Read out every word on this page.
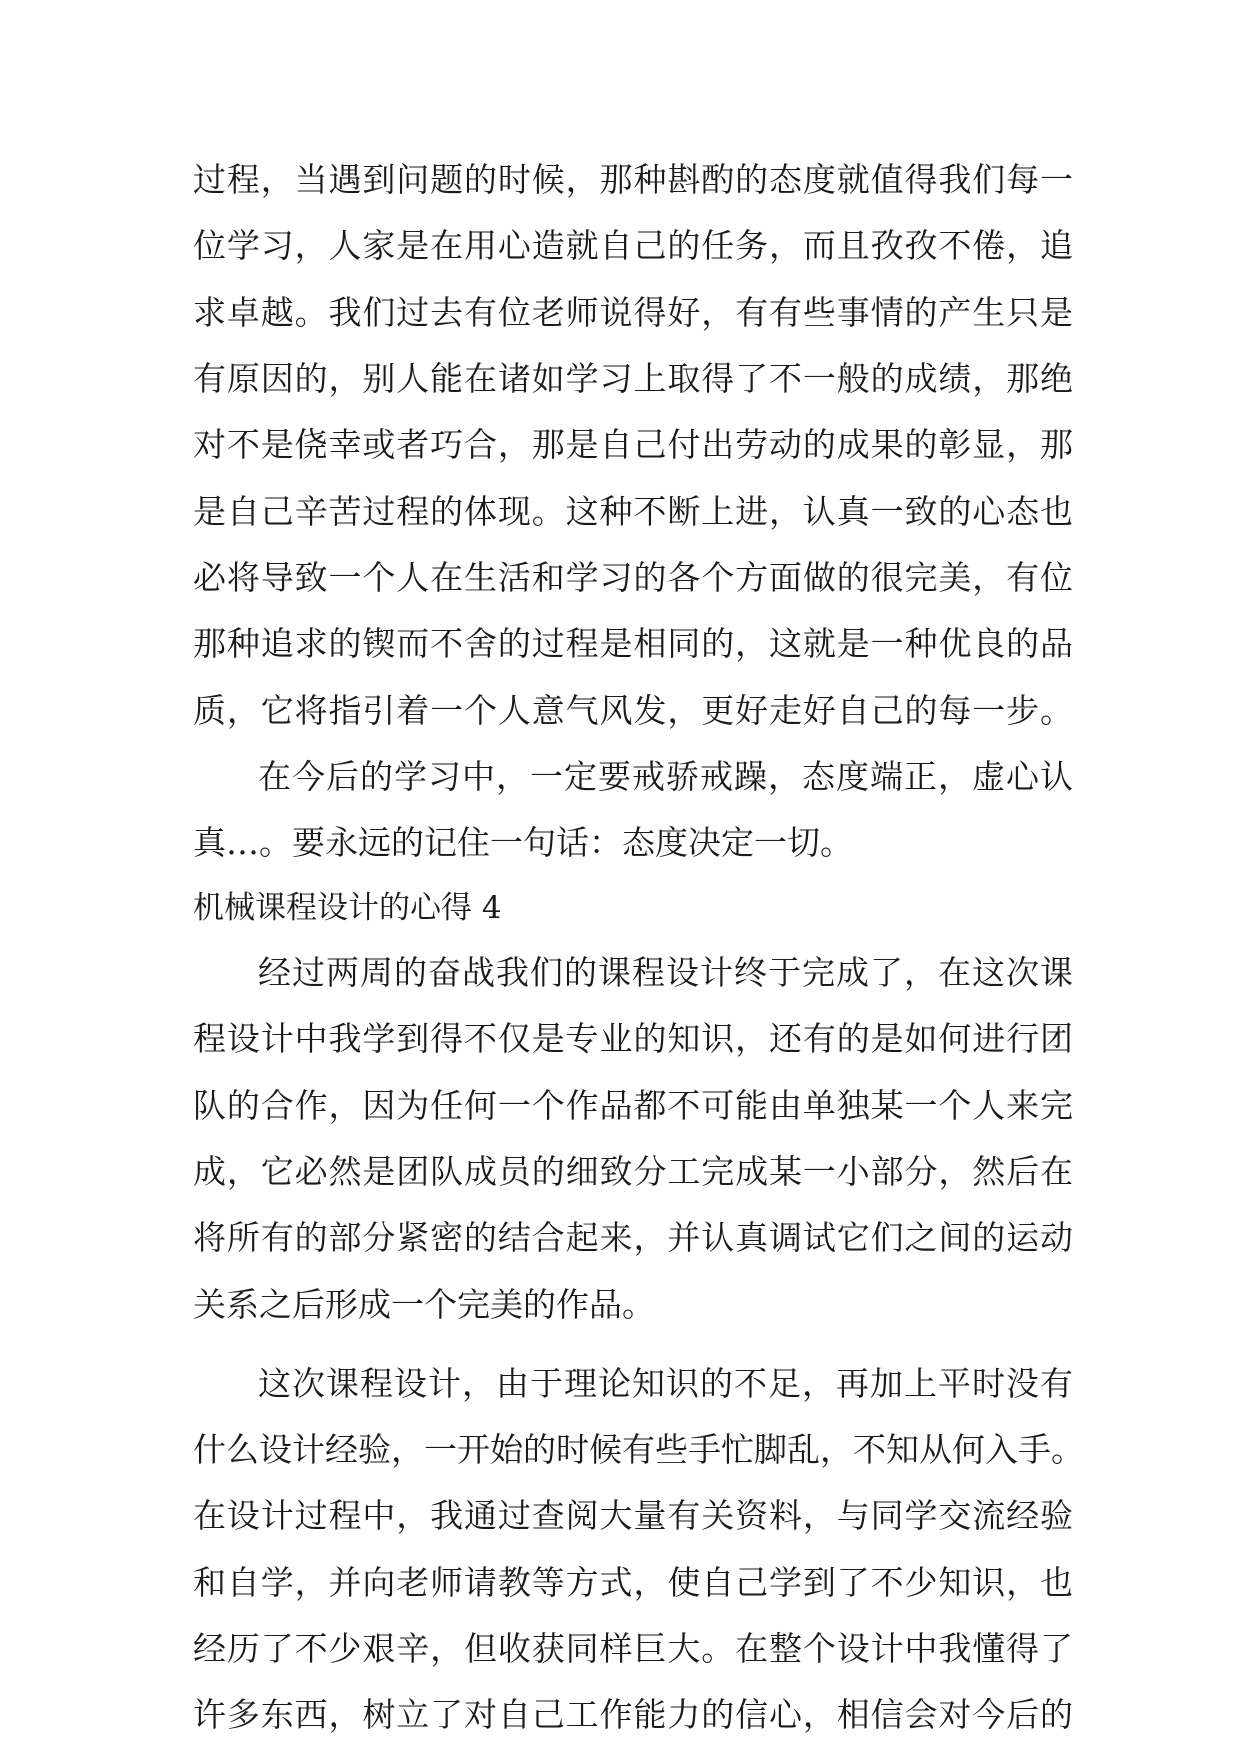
过程，当遇到问题的时候，那种斟酌的态度就值得我们每一

位学习，人家是在用心造就自己的任务，而且孜孜不倦，追

求卓越。我们过去有位老师说得好，有有些事情的产生只是

有原因的，别人能在诸如学习上取得了不一般的成绩，那绝

对不是侥幸或者巧合，那是自己付出劳动的成果的彰显，那

是自己辛苦过程的体现。这种不断上进，认真一致的心态也

必将导致一个人在生活和学习的各个方面做的很完美，有位

那种追求的锲而不舍的过程是相同的，这就是一种优良的品

质，它将指引着一个人意气风发，更好走好自己的每一步。

在今后的学习中，一定要戒骄戒躁，态度端正，虚心认

真…。要永远的记住一句话：态度决定一切。

机械课程设计的心得 4

经过两周的奋战我们的课程设计终于完成了，在这次课

程设计中我学到得不仅是专业的知识，还有的是如何进行团

队的合作，因为任何一个作品都不可能由单独某一个人来完

成，它必然是团队成员的细致分工完成某一小部分，然后在

将所有的部分紧密的结合起来，并认真调试它们之间的运动

关系之后形成一个完美的作品。

这次课程设计，由于理论知识的不足，再加上平时没有

什么设计经验，一开始的时候有些手忙脚乱，不知从何入手。

在设计过程中，我通过查阅大量有关资料，与同学交流经验

和自学，并向老师请教等方式，使自己学到了不少知识，也

经历了不少艰辛，但收获同样巨大。在整个设计中我懂得了

许多东西，树立了对自己工作能力的信心，相信会对今后的
